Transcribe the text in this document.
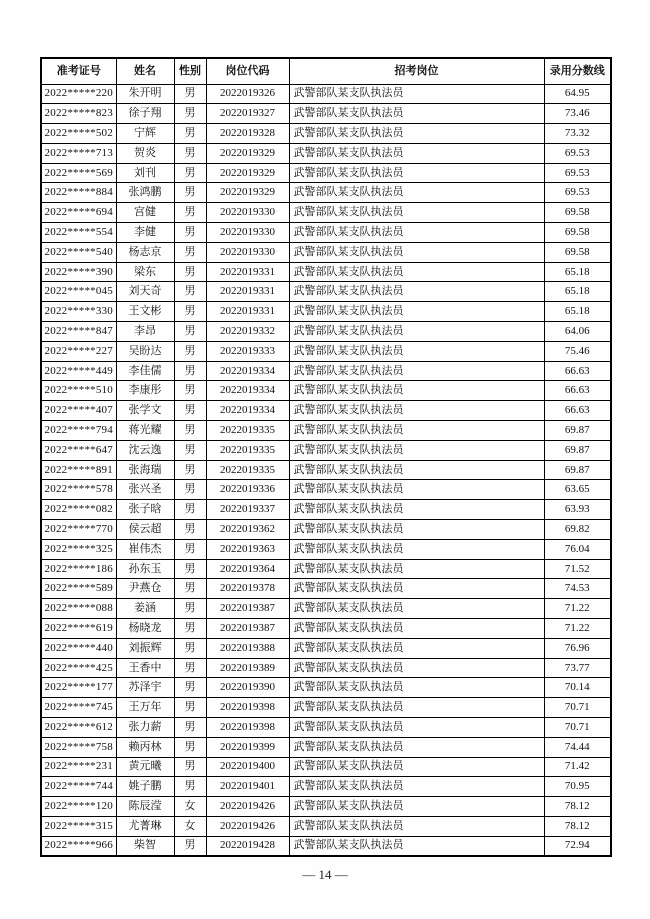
准考证号	姓名	性别	岗位代码	招考岗位	录用分数线
2022*****220	朱开明	男	2022019326	武警部队某支队执法员	64.95
2022*****823	徐子翔	男	2022019327	武警部队某支队执法员	73.46
2022*****502	宁辉	男	2022019328	武警部队某支队执法员	73.32
2022*****713	贺炎	男	2022019329	武警部队某支队执法员	69.53
2022*****569	刘刊	男	2022019329	武警部队某支队执法员	69.53
2022*****884	张鸿鹏	男	2022019329	武警部队某支队执法员	69.53
2022*****694	宫健	男	2022019330	武警部队某支队执法员	69.58
2022*****554	李健	男	2022019330	武警部队某支队执法员	69.58
2022*****540	杨志京	男	2022019330	武警部队某支队执法员	69.58
2022*****390	梁东	男	2022019331	武警部队某支队执法员	65.18
2022*****045	刘天奇	男	2022019331	武警部队某支队执法员	65.18
2022*****330	王文彬	男	2022019331	武警部队某支队执法员	65.18
2022*****847	李昂	男	2022019332	武警部队某支队执法员	64.06
2022*****227	吴盼达	男	2022019333	武警部队某支队执法员	75.46
2022*****449	李佳儒	男	2022019334	武警部队某支队执法员	66.63
2022*****510	李康彤	男	2022019334	武警部队某支队执法员	66.63
2022*****407	张学文	男	2022019334	武警部队某支队执法员	66.63
2022*****794	蒋光耀	男	2022019335	武警部队某支队执法员	69.87
2022*****647	沈云逸	男	2022019335	武警部队某支队执法员	69.87
2022*****891	张海瑞	男	2022019335	武警部队某支队执法员	69.87
2022*****578	张兴圣	男	2022019336	武警部队某支队执法员	63.65
2022*****082	张子晗	男	2022019337	武警部队某支队执法员	63.93
2022*****770	侯云超	男	2022019362	武警部队某支队执法员	69.82
2022*****325	崔伟杰	男	2022019363	武警部队某支队执法员	76.04
2022*****186	孙东玉	男	2022019364	武警部队某支队执法员	71.52
2022*****589	尹燕仓	男	2022019378	武警部队某支队执法员	74.53
2022*****088	姜涵	男	2022019387	武警部队某支队执法员	71.22
2022*****619	杨晓龙	男	2022019387	武警部队某支队执法员	71.22
2022*****440	刘振辉	男	2022019388	武警部队某支队执法员	76.96
2022*****425	王香中	男	2022019389	武警部队某支队执法员	73.77
2022*****177	苏泽宇	男	2022019390	武警部队某支队执法员	70.14
2022*****745	王万年	男	2022019398	武警部队某支队执法员	70.71
2022*****612	张力薪	男	2022019398	武警部队某支队执法员	70.71
2022*****758	赖丙林	男	2022019399	武警部队某支队执法员	74.44
2022*****231	黄元曦	男	2022019400	武警部队某支队执法员	71.42
2022*****744	姚子鹏	男	2022019401	武警部队某支队执法员	70.95
2022*****120	陈辰滢	女	2022019426	武警部队某支队执法员	78.12
2022*****315	尤菁琳	女	2022019426	武警部队某支队执法员	78.12
2022*****966	柴智	男	2022019428	武警部队某支队执法员	72.94
— 14 —
